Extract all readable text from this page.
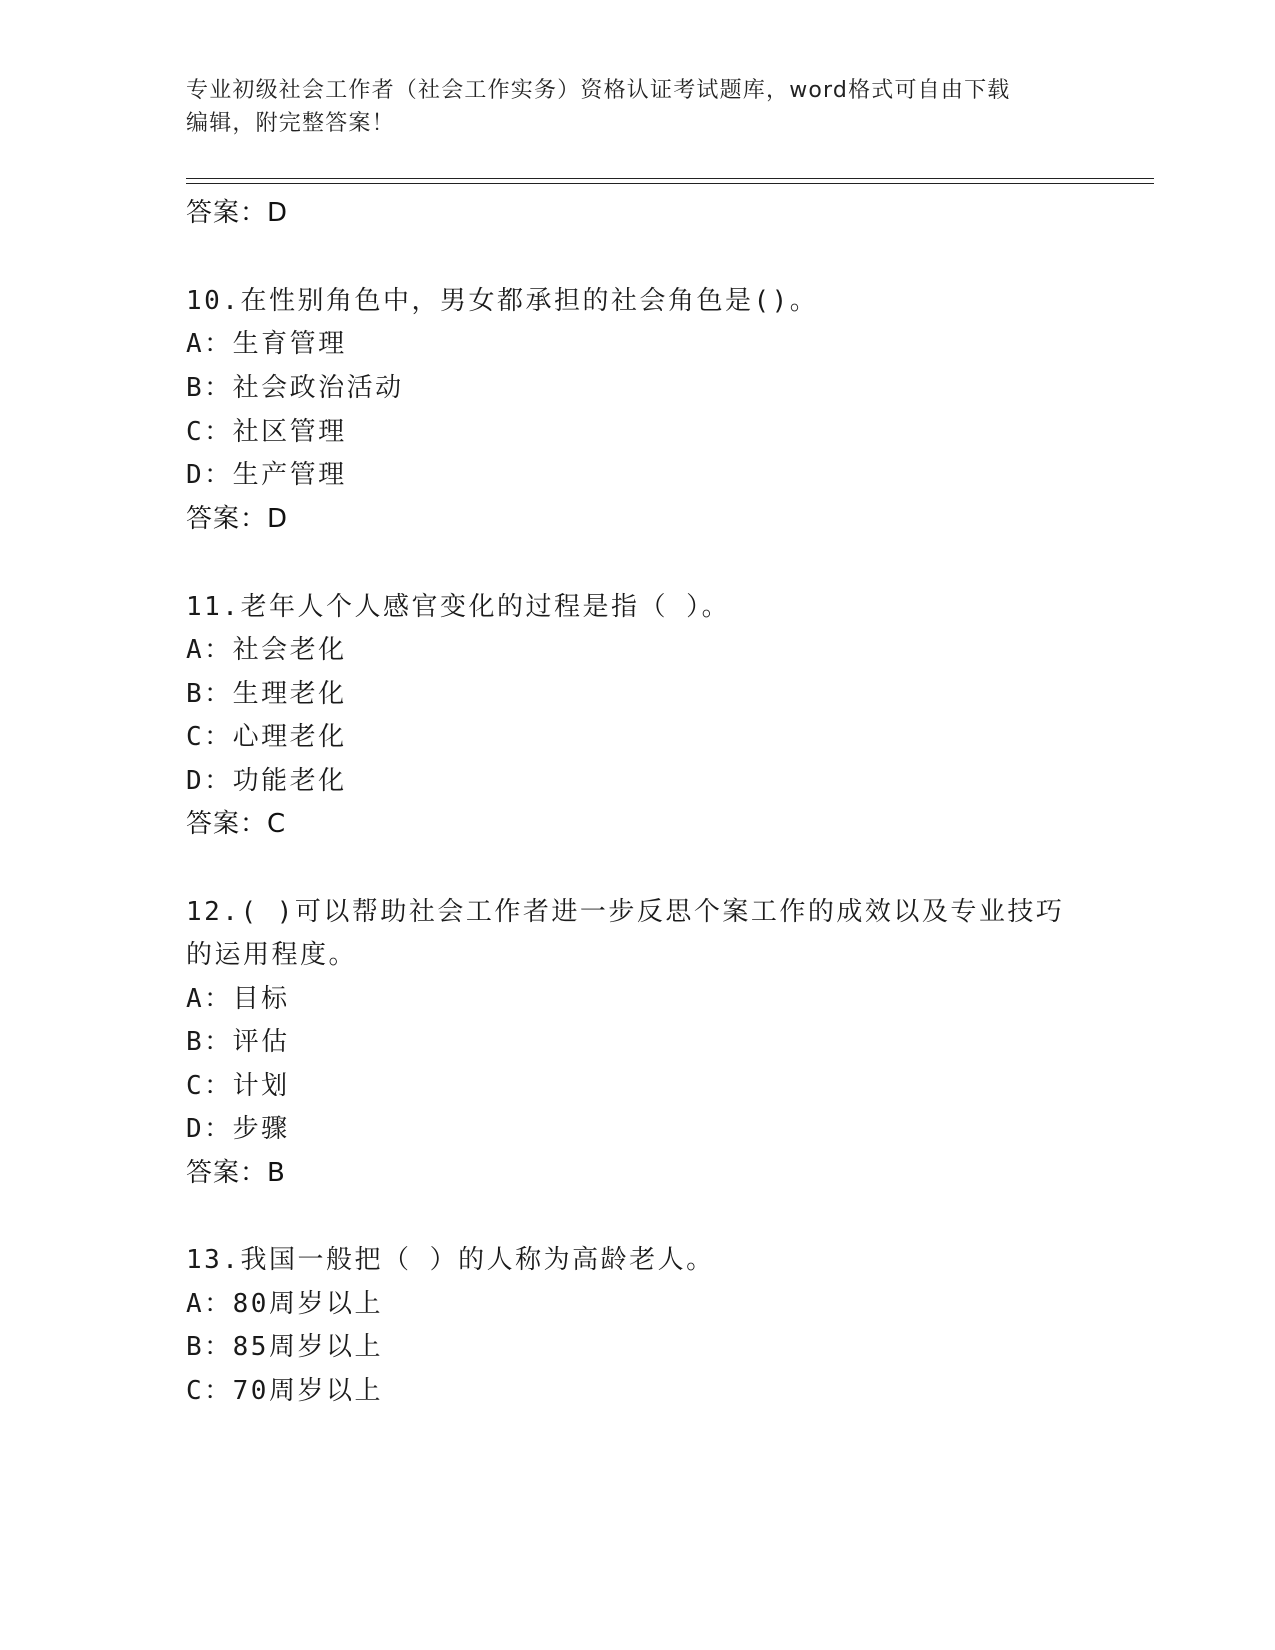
专业初级社会工作者（社会工作实务）资格认证考试题库，word格式可自由下载
编辑，附完整答案！
答案：D
10.在性别角色中，男女都承担的社会角色是()。
A：生育管理
B：社会政治活动
C：社区管理
D：生产管理
答案：D
11.老年人个人感官变化的过程是指（ ）。
A：社会老化
B：生理老化
C：心理老化
D：功能老化
答案：C
12.( )可以帮助社会工作者进一步反思个案工作的成效以及专业技巧
的运用程度。
A：目标
B：评估
C：计划
D：步骤
答案：B
13.我国一般把（ ）的人称为高龄老人。
A：80周岁以上
B：85周岁以上
C：70周岁以上
